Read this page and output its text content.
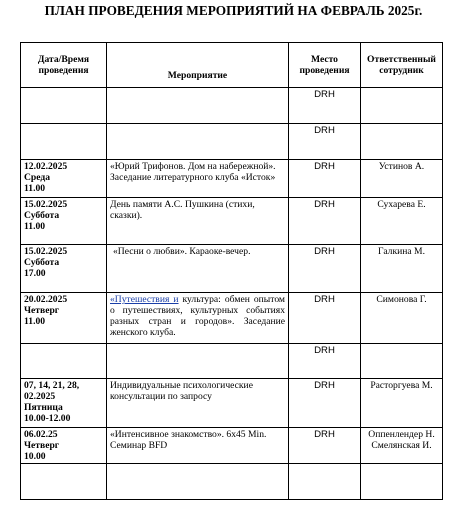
ПЛАН ПРОВЕДЕНИЯ МЕРОПРИЯТИЙ НА ФЕВРАЛЬ 2025г.
Дата/Время проведения	Мероприятие	Место проведения	Ответственный сотрудник
		DRH	
		DRH	

12.02.2025
Среда
11.00	«Юрий Трифонов. Дом на набережной». Заседание литературного клуба «Исток»	DRH	Устинов А.

15.02.2025
Суббота
11.00	День памяти А.С. Пушкина (стихи, сказки).	DRH	Сухарева Е.

15.02.2025
Суббота
17.00	«Песни о любви». Караоке-вечер.	DRH	Галкина М.

20.02.2025
Четверг
11.00	«Путешествия и культура: обмен опытом о путешествиях, культурных событиях разных стран и городов». Заседание женского клуба.	DRH	Симонова Г.
		DRH	

07, 14, 21, 28, 02.2025
Пятница
10.00-12.00	Индивидуальные психологические консультации по запросу	DRH	Расторгуева М.

06.02.25
Четверг
10.00	«Интенсивное знакомство». 6х45 Min. Семинар BFD	DRH	Оппенлендер Н. Смелянская И.
